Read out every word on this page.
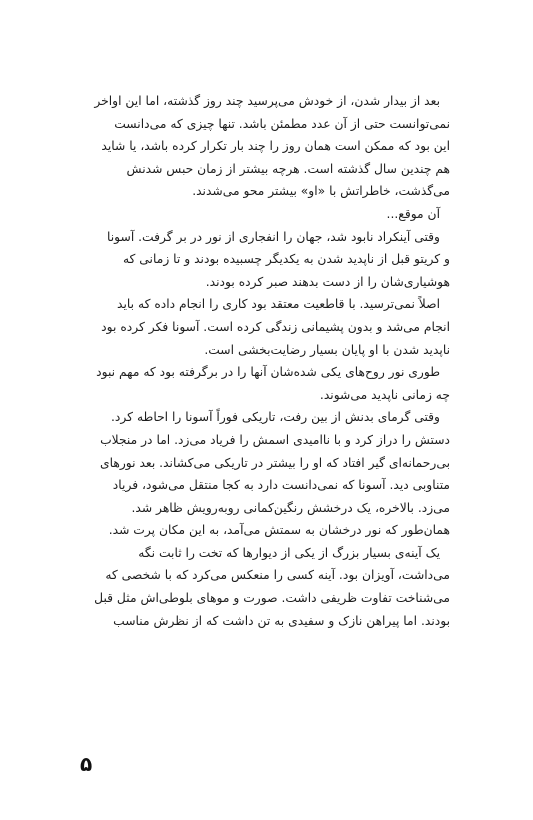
بعد از بیدار شدن، از خودش می‌پرسید چند روز گذشته، اما این اواخر
نمی‌توانست حتی از آن عدد مطمئن باشد. تنها چیزی که می‌دانست
این بود که ممکن است همان روز را چند بار تکرار کرده باشد، یا شاید
هم چندین سال گذشته است. هرچه بیشتر از زمان حبس شدنش
می‌گذشت، خاطراتش با «او» بیشتر محو می‌شدند.
آن موقع...
وقتی آینکراد نابود شد، جهان را انفجاری از نور در بر گرفت. آسونا
و کریتو قبل از ناپدید شدن به یکدیگر چسبیده بودند و تا زمانی که
هوشیاری‌شان را از دست بدهند صبر کرده بودند.
اصلاً نمی‌ترسید. با قاطعیت معتقد بود کاری را انجام داده که باید
انجام می‌شد و بدون پشیمانی زندگی کرده است. آسونا فکر کرده بود
ناپدید شدن با او پایان بسیار رضایت‌بخشی است.
طوری نور روح‌های یکی شده‌شان آنها را در برگرفته بود که مهم نبود
چه زمانی ناپدید می‌شوند.
وقتی گرمای بدنش از بین رفت، تاریکی فوراً آسونا را احاطه کرد.
دستش را دراز کرد و با ناامیدی اسمش را فریاد می‌زد. اما در منجلاب
بی‌رحمانه‌ای گیر افتاد که او را بیشتر در تاریکی می‌کشاند. بعد نورهای
متناوبی دید. آسونا که نمی‌دانست دارد به کجا منتقل می‌شود، فریاد
می‌زد. بالاخره، یک درخشش رنگین‌کمانی روبه‌رویش ظاهر شد.
همان‌طور که نور درخشان به سمتش می‌آمد، به این مکان پرت شد.
یک آینه‌ی بسیار بزرگ از یکی از دیوارها که تخت را ثابت نگه
می‌داشت، آویزان بود. آینه کسی را منعکس می‌کرد که با شخصی که
می‌شناخت تفاوت ظریفی داشت. صورت و موهای بلوطی‌اش مثل قبل
بودند. اما پیراهن نازک و سفیدی به تن داشت که از نظرش مناسب
۵
